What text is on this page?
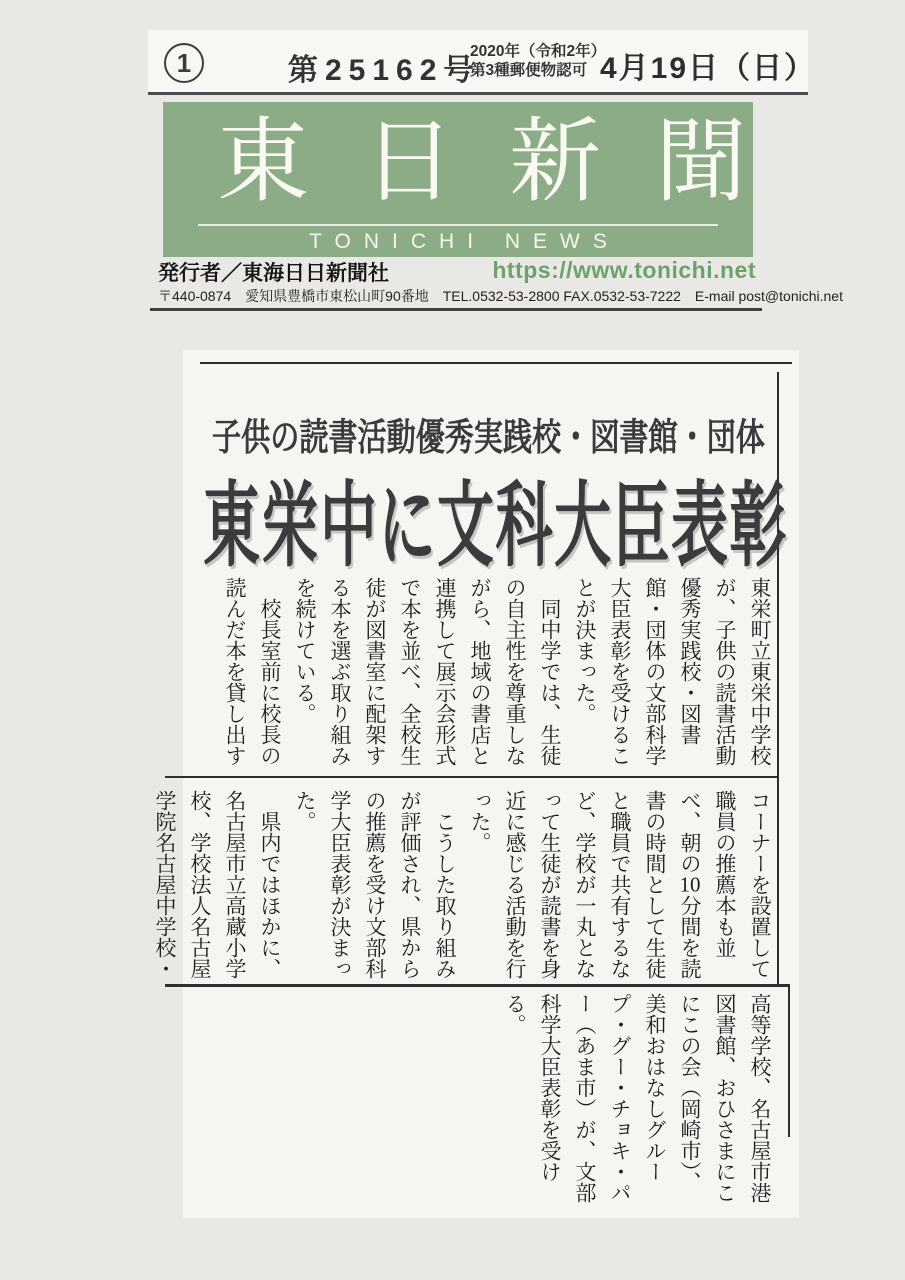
1	第25162号
2020年（令和2年）
第3種郵便物認可 4月19日（日）
東日新聞
TONICHI NEWS
発行者／東海日日新聞社	https://www.tonichi.net
〒440-0874　愛知県豊橋市東松山町90番地　TEL.0532-53-2800 FAX.0532-53-7222　E-mail post@tonichi.net
子供の読書活動優秀実践校・図書館・団体
東栄中に文科大臣表彰

東栄町立東栄中学校が、子供の読書活動優秀実践校・図書館・団体の文部科学大臣表彰を受けることが決まった。

同中学では、生徒の自主性を尊重しながら、地域の書店と連携して展示会形式で本を並べ、全校生徒が図書室に配架する本を選ぶ取り組みを続けている。

校長室前に校長の読んだ本を貸し出す

コーナーを設置して職員の推薦本も並べ、朝の10分間を読書の時間として生徒と職員で共有するなど、学校が一丸となって生徒が読書を身近に感じる活動を行った。

こうした取り組みが評価され、県からの推薦を受け文部科学大臣表彰が決まった。

県内ではほかに、名古屋市立高蔵小学校、学校法人名古屋学院名古屋中学校・

高等学校、名古屋市港図書館、おひさまにこにこの会（岡崎市）、美和おはなしグループ・グー・チョキ・パー（あま市）が、文部科学大臣表彰を受ける。
